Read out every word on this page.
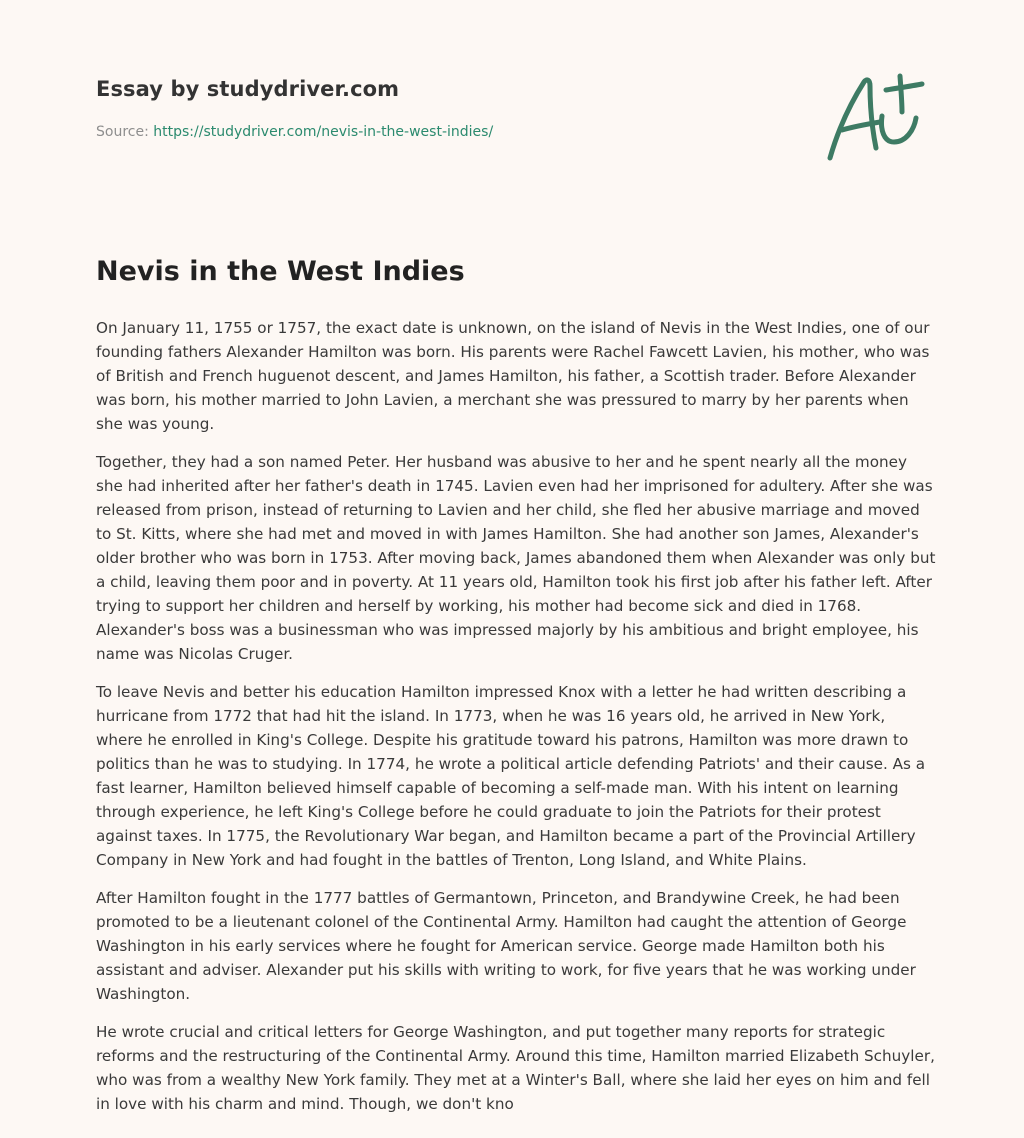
Essay by studydriver.com
Source: https://studydriver.com/nevis-in-the-west-indies/
Nevis in the West Indies

On January 11, 1755 or 1757, the exact date is unknown, on the island of Nevis in the West Indies, one of our founding fathers Alexander Hamilton was born. His parents were Rachel Fawcett Lavien, his mother, who was of British and French huguenot descent, and James Hamilton, his father, a Scottish trader. Before Alexander was born, his mother married to John Lavien, a merchant she was pressured to marry by her parents when she was young.

Together, they had a son named Peter. Her husband was abusive to her and he spent nearly all the money she had inherited after her father's death in 1745. Lavien even had her imprisoned for adultery. After she was released from prison, instead of returning to Lavien and her child, she fled her abusive marriage and moved to St. Kitts, where she had met and moved in with James Hamilton. She had another son James, Alexander's older brother who was born in 1753. After moving back, James abandoned them when Alexander was only but a child, leaving them poor and in poverty. At 11 years old, Hamilton took his first job after his father left. After trying to support her children and herself by working, his mother had become sick and died in 1768. Alexander's boss was a businessman who was impressed majorly by his ambitious and bright employee, his name was Nicolas Cruger.

To leave Nevis and better his education Hamilton impressed Knox with a letter he had written describing a hurricane from 1772 that had hit the island. In 1773, when he was 16 years old, he arrived in New York, where he enrolled in King's College. Despite his gratitude toward his patrons, Hamilton was more drawn to politics than he was to studying. In 1774, he wrote a political article defending Patriots' and their cause. As a fast learner, Hamilton believed himself capable of becoming a self-made man. With his intent on learning through experience, he left King's College before he could graduate to join the Patriots for their protest against taxes. In 1775, the Revolutionary War began, and Hamilton became a part of the Provincial Artillery Company in New York and had fought in the battles of Trenton, Long Island, and White Plains.

After Hamilton fought in the 1777 battles of Germantown, Princeton, and Brandywine Creek, he had been promoted to be a lieutenant colonel of the Continental Army. Hamilton had caught the attention of George Washington in his early services where he fought for American service. George made Hamilton both his assistant and adviser. Alexander put his skills with writing to work, for five years that he was working under Washington.

He wrote crucial and critical letters for George Washington, and put together many reports for strategic reforms and the restructuring of the Continental Army. Around this time, Hamilton married Elizabeth Schuyler, who was from a wealthy New York family. They met at a Winter's Ball, where she laid her eyes on him and fell in love with his charm and mind. Though, we don't kno
